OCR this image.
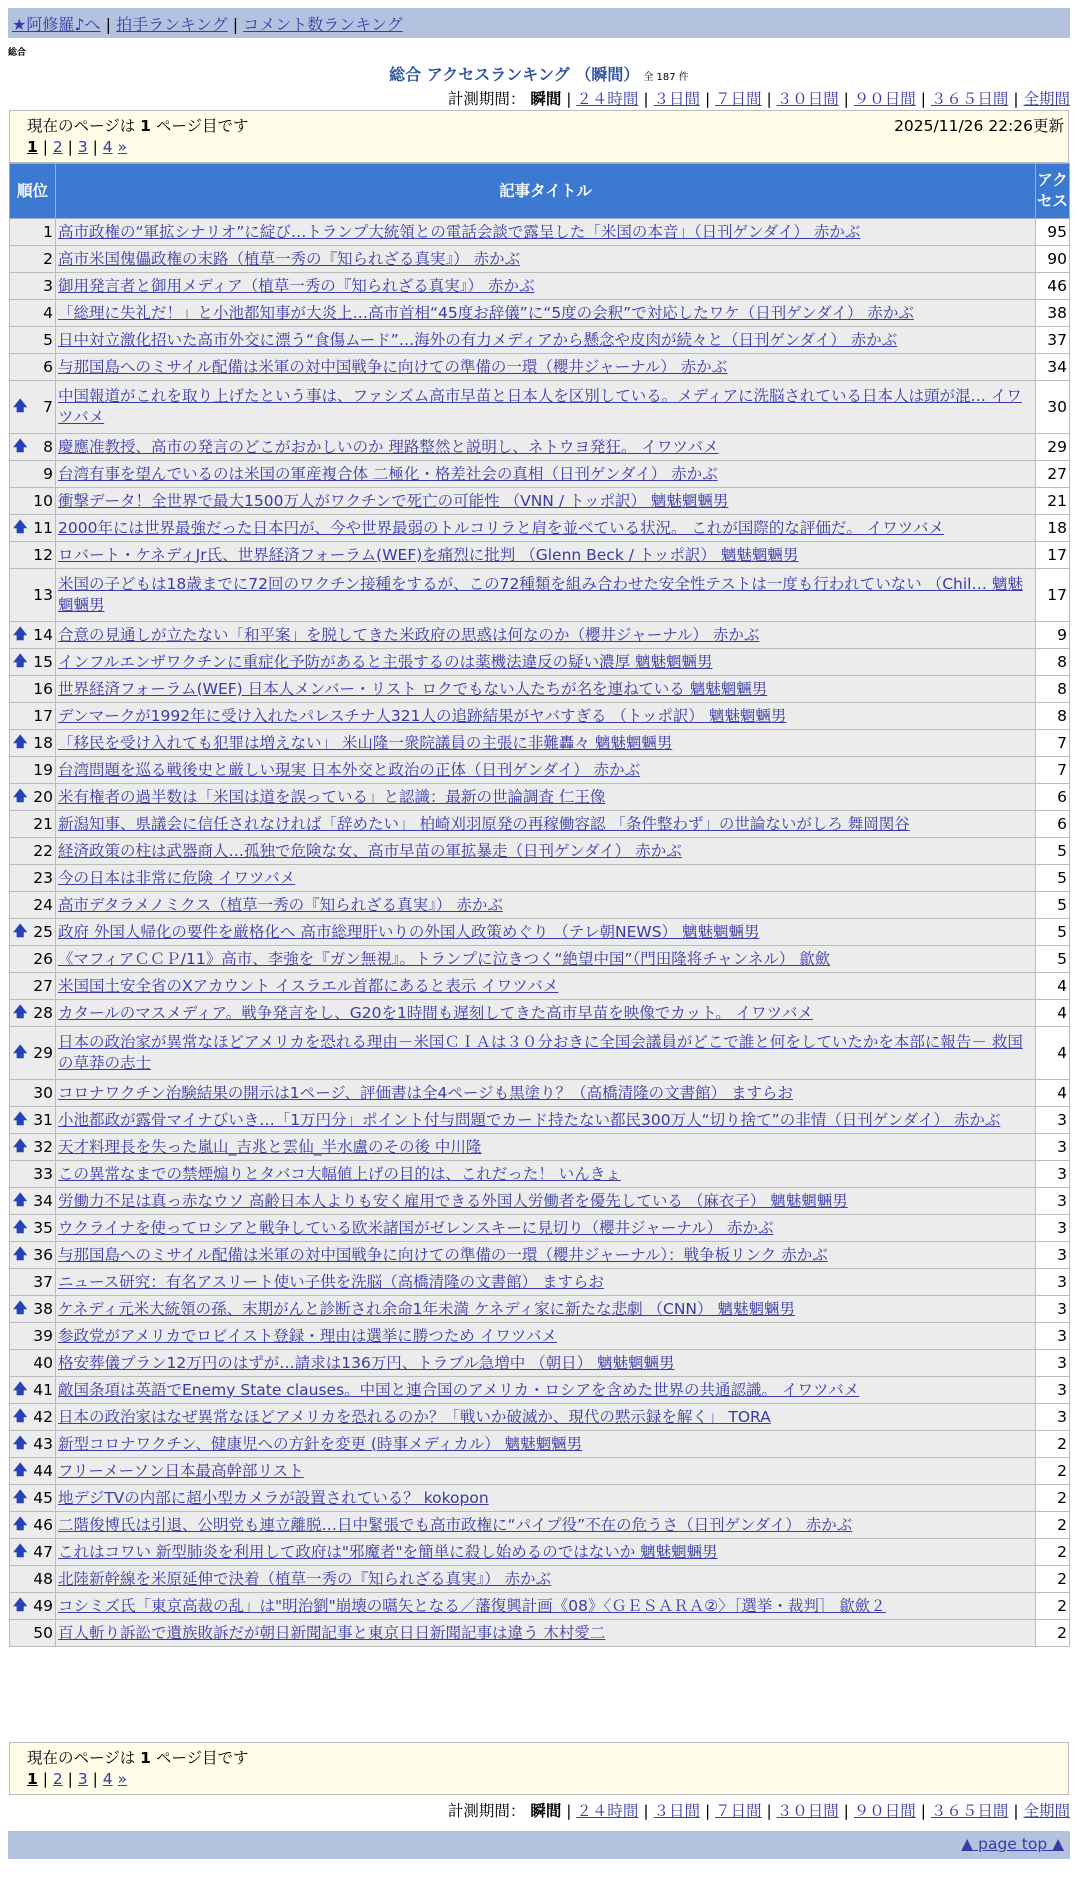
★阿修羅♪へ | 拍手ランキング | コメント数ランキング
総合
総合 アクセスランキング （瞬間） 全 187 件
計測期間： 瞬間 | ２４時間 | ３日間 | ７日間 | ３０日間 | ９０日間 | ３６５日間 | 全期間
現在のページは 1 ページ目です	2025/11/26 22:26更新
1 | 2 | 3 | 4 »
順位	記事タイトル	アクセス
1	高市政権の“軍拡シナリオ”に綻び…トランプ大統領との電話会談で露呈した「米国の本音」（日刊ゲンダイ） 赤かぶ	95
2	高市米国傀儡政権の末路（植草一秀の『知られざる真実』） 赤かぶ	90
3	御用発言者と御用メディア（植草一秀の『知られざる真実』） 赤かぶ	46
4	「総理に失礼だ！」と小池都知事が大炎上…高市首相“45度お辞儀”に“5度の会釈”で対応したワケ（日刊ゲンダイ） 赤かぶ	38
5	日中対立激化招いた高市外交に漂う“食傷ムード”…海外の有力メディアから懸念や皮肉が続々と（日刊ゲンダイ） 赤かぶ	37
6	与那国島へのミサイル配備は米軍の対中国戦争に向けての準備の一環（櫻井ジャーナル） 赤かぶ	34

🡅 7	中国報道がこれを取り上げたという事は、ファシズム高市早苗と日本人を区別している。メディアに洗脳されている日本人は頭が混… イワツバメ	30

🡅 8	慶應准教授、高市の発言のどこがおかしいのか 理路整然と説明し、ネトウヨ発狂。 イワツバメ	29
9	台湾有事を望んでいるのは米国の軍産複合体 二極化・格差社会の真相（日刊ゲンダイ） 赤かぶ	27
10	衝撃データ！全世界で最大1500万人がワクチンで死亡の可能性 （VNN / トッポ訳） 魑魅魍魎男	21

🡅 11	2000年には世界最強だった日本円が、今や世界最弱のトルコリラと肩を並べている状況。 これが国際的な評価だ。 イワツバメ	18
12	ロバート・ケネディJr氏、世界経済フォーラム(WEF)を痛烈に批判 （Glenn Beck / トッポ訳） 魑魅魍魎男	17
13	米国の子どもは18歳までに72回のワクチン接種をするが、この72種類を組み合わせた安全性テストは一度も行われていない （Chil… 魑魅魍魎男	17

🡅 14	合意の見通しが立たない「和平案」を脱してきた米政府の思惑は何なのか（櫻井ジャーナル） 赤かぶ	9

🡅 15	インフルエンザワクチンに重症化予防があると主張するのは薬機法違反の疑い濃厚 魑魅魍魎男	8
16	世界経済フォーラム(WEF) 日本人メンバー・リスト ロクでもない人たちが名を連ねている 魑魅魍魎男	8
17	デンマークが1992年に受け入れたパレスチナ人321人の追跡結果がヤバすぎる （トッポ訳） 魑魅魍魎男	8

🡅 18	「移民を受け入れても犯罪は増えない」 米山隆一衆院議員の主張に非難轟々 魑魅魍魎男	7
19	台湾問題を巡る戦後史と厳しい現実 日本外交と政治の正体（日刊ゲンダイ） 赤かぶ	7

🡅 20	米有権者の過半数は「米国は道を誤っている」と認識：最新の世論調査 仁王像	6
21	新潟知事、県議会に信任されなければ「辞めたい」 柏崎刈羽原発の再稼働容認 「条件整わず」の世論ないがしろ 舞岡関谷	6
22	経済政策の柱は武器商人…孤独で危険な女、高市早苗の軍拡暴走（日刊ゲンダイ） 赤かぶ	5
23	今の日本は非常に危険 イワツバメ	5
24	高市デタラメノミクス（植草一秀の『知られざる真実』） 赤かぶ	5

🡅 25	政府 外国人帰化の要件を厳格化へ 高市総理肝いりの外国人政策めぐり （テレ朝NEWS） 魑魅魍魎男	5
26	《マフィアＣＣＰ/11》高市、李強を『ガン無視』。トランプに泣きつく“絶望中国”（門田隆将チャンネル） 歙歛	5
27	米国国土安全省のXアカウント イスラエル首都にあると表示 イワツバメ	4

🡅 28	カタールのマスメディア。戦争発言をし、G20を1時間も遅刻してきた高市早苗を映像でカット。 イワツバメ	4

🡅 29	日本の政治家が異常なほどアメリカを恐れる理由－米国ＣＩＡは３０分おきに全国会議員がどこで誰と何をしていたかを本部に報告－ 救国の草莽の志士	4
30	コロナワクチン治験結果の開示は1ページ、評価書は全4ページも黒塗り？（高橋清隆の文書館） ますらお	4

🡅 31	小池都政が露骨マイナびいき…「1万円分」ポイント付与問題でカード持たない都民300万人“切り捨て”の非情（日刊ゲンダイ） 赤かぶ	3

🡅 32	天才料理長を失った嵐山_吉兆と雲仙_半水盧のその後 中川隆	3
33	この異常なまでの禁煙煽りとタバコ大幅値上げの目的は、これだった！ いんきょ	3

🡅 34	労働力不足は真っ赤なウソ 高齢日本人よりも安く雇用できる外国人労働者を優先している （麻衣子） 魑魅魍魎男	3

🡅 35	ウクライナを使ってロシアと戦争している欧米諸国がゼレンスキーに見切り（櫻井ジャーナル） 赤かぶ	3

🡅 36	与那国島へのミサイル配備は米軍の対中国戦争に向けての準備の一環（櫻井ジャーナル）：戦争板リンク 赤かぶ	3
37	ニュース研究：有名アスリート使い子供を洗脳（高橋清隆の文書館） ますらお	3

🡅 38	ケネディ元米大統領の孫、末期がんと診断され余命1年未満 ケネディ家に新たな悲劇 （CNN） 魑魅魍魎男	3
39	参政党がアメリカでロビイスト登録・理由は選挙に勝つため イワツバメ	3
40	格安葬儀プラン12万円のはずが…請求は136万円、トラブル急増中 （朝日） 魑魅魍魎男	3

🡅 41	敵国条項は英語でEnemy State clauses。中国と連合国のアメリカ・ロシアを含めた世界の共通認識。 イワツバメ	3

🡅 42	日本の政治家はなぜ異常なほどアメリカを恐れるのか？「戦いか破滅か、現代の黙示録を解く」 TORA	3

🡅 43	新型コロナワクチン、健康児への方針を変更 (時事メディカル） 魑魅魍魎男	2

🡅 44	フリーメーソン日本最高幹部リスト	2

🡅 45	地デジTVの内部に超小型カメラが設置されている？ kokopon	2

🡅 46	二階俊博氏は引退、公明党も連立離脱…日中緊張でも高市政権に“パイプ役”不在の危うさ（日刊ゲンダイ） 赤かぶ	2

🡅 47	これはコワい 新型肺炎を利用して政府は"邪魔者"を簡単に殺し始めるのではないか 魑魅魍魎男	2
48	北陸新幹線を米原延伸で決着（植草一秀の『知られざる真実』） 赤かぶ	2

🡅 49	コシミズ氏「東京高裁の乱」は"明治劉"崩壊の嚆矢となる／藩復興計画《08》〈ＧＥＳＡＲＡ②〉［選挙・裁判］ 歙歛２	2
50	百人斬り訴訟で遺族敗訴だが朝日新聞記事と東京日日新聞記事は違う 木村愛二	2
現在のページは 1 ページ目です
1 | 2 | 3 | 4 »
計測期間： 瞬間 | ２４時間 | ３日間 | ７日間 | ３０日間 | ９０日間 | ３６５日間 | 全期間
▲ page top ▲
